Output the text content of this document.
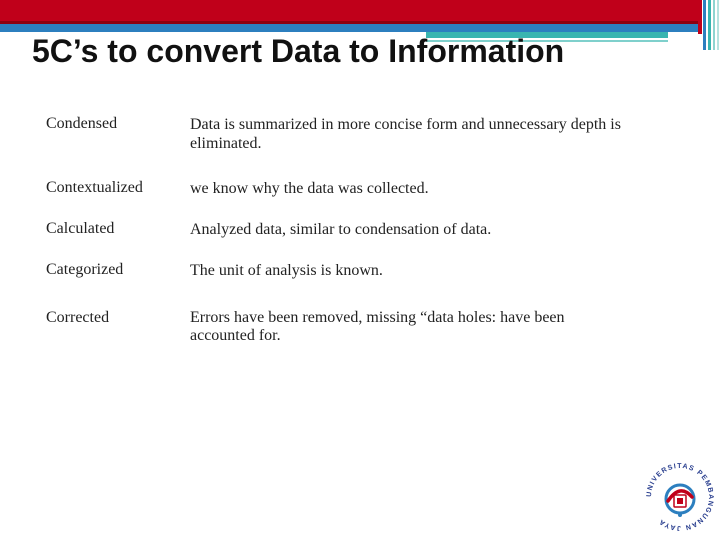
5C’s to convert Data to Information
Condensed	Data is summarized in more concise form and unnecessary depth is eliminated.
Contextualized	we know why the data was collected.
Calculated	Analyzed data, similar to condensation of data.
Categorized	The unit of analysis is known.
Corrected	Errors have been removed, missing “data holes: have been accounted for.
UNIVERSITAS PEMBANGUNAN JAYA
